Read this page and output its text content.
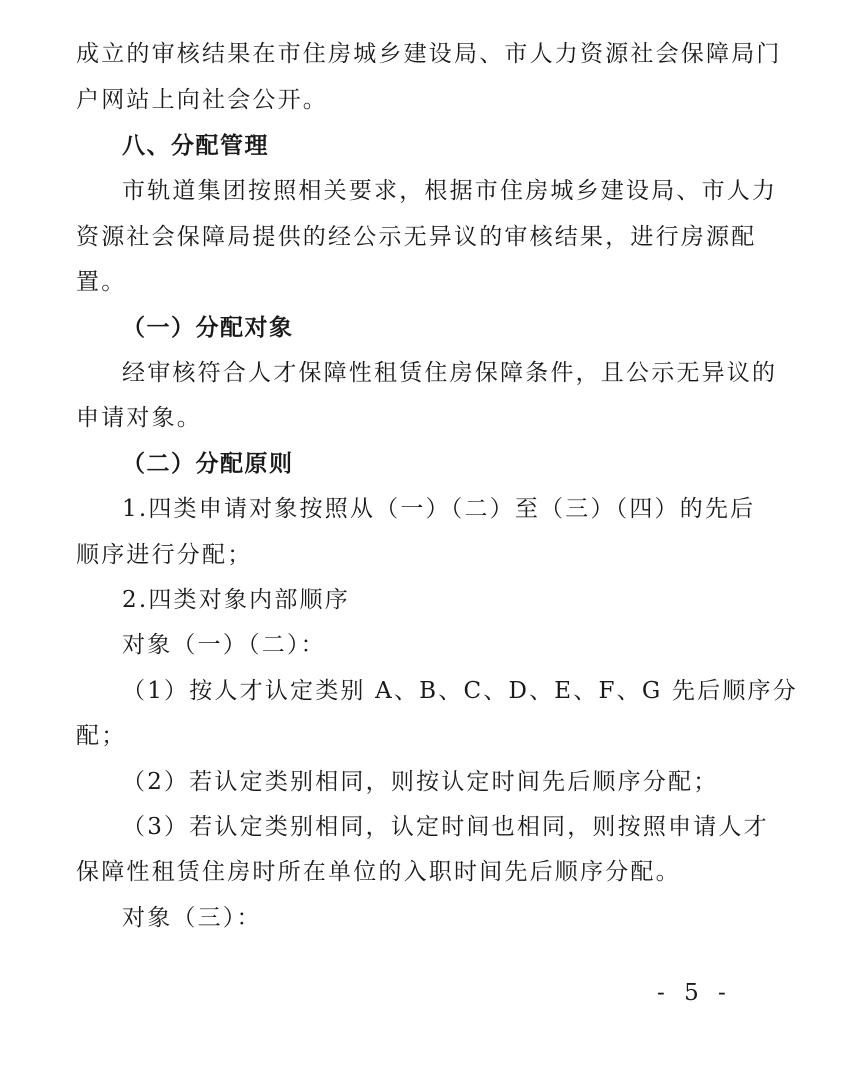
成立的审核结果在市住房城乡建设局、市人力资源社会保障局门

户网站上向社会公开。

八、分配管理

市轨道集团按照相关要求，根据市住房城乡建设局、市人力

资源社会保障局提供的经公示无异议的审核结果，进行房源配

置。

（一）分配对象

经审核符合人才保障性租赁住房保障条件，且公示无异议的

申请对象。

（二）分配原则

1.四类申请对象按照从（一）（二）至（三）（四）的先后

顺序进行分配；

2.四类对象内部顺序

对象（一）（二）：

（1）按人才认定类别 A、B、C、D、E、F、G 先后顺序分

配；

（2）若认定类别相同，则按认定时间先后顺序分配；

（3）若认定类别相同，认定时间也相同，则按照申请人才

保障性租赁住房时所在单位的入职时间先后顺序分配。

对象（三）：

- 5 -
